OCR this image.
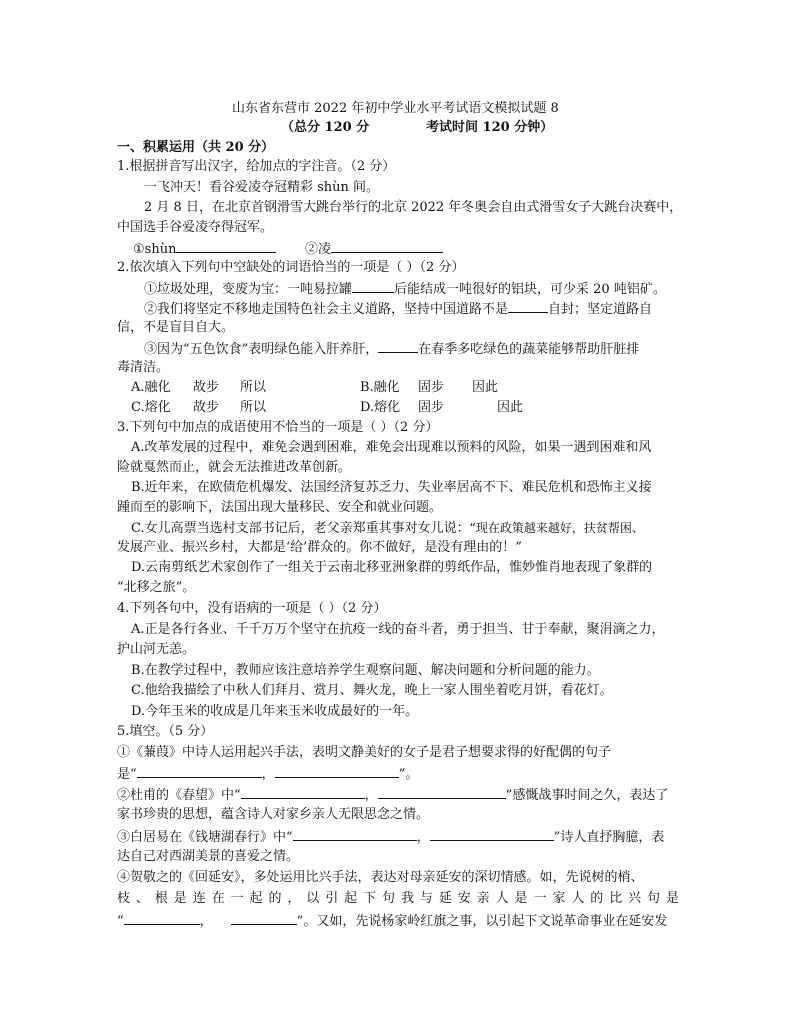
山东省东营市 2022 年初中学业水平考试语文模拟试题 8
（总分 120 分	考试时间 120 分钟）
一、积累运用（共 20 分）
1.根据拼音写出汉字，给加点的字注音。（2 分）
一飞冲天！看谷爱凌夺冠精彩 shùn 间。
2 月 8 日，在北京首钢滑雪大跳台举行的北京 2022 年冬奥会自由式滑雪女子大跳台决赛中，
中国选手谷爱凌夺得冠军。
①shùn	②凌
2.依次填入下列句中空缺处的词语恰当的一项是（ ）（2 分）
①垃圾处理，变废为宝：一吨易拉罐	后能结成一吨很好的铝块，可少采 20 吨铝矿。
②我们将坚定不移地走国特色社会主义道路，坚持中国道路不是	自封；坚定道路自
信，不是盲目自大。
③因为“五色饮食”表明绿色能入肝养肝，	在春季多吃绿色的蔬菜能够帮助肝脏排
毒清洁。
A.融化 故步 所以	B.融化 固步 因此
C.熔化 故步 所以	D.熔化 固步	因此
3.下列句中加点的成语使用不恰当的一项是（ ）（2 分）
A.改革发展的过程中，难免会遇到困难，难免会出现难以预料的风险，如果一遇到困难和风
险就戛然而止，就会无法推进改革创新。
B.近年来，在欧债危机爆发、法国经济复苏乏力、失业率居高不下、难民危机和恐怖主义接
踵而至的影响下，法国出现大量移民、安全和就业问题。
C.女儿高票当选村支部书记后，老父亲郑重其事对女儿说：“现在政策越来越好，扶贫帮困、
发展产业、振兴乡村，大都是‘给’群众的。你不做好，是没有理由的！”
D.云南剪纸艺术家创作了一组关于云南北移亚洲象群的剪纸作品，惟妙惟肖地表现了象群的
“北移之旅”。
4.下列各句中，没有语病的一项是（ ）（2 分）
A.正是各行各业、千千万万个坚守在抗疫一线的奋斗者，勇于担当、甘于奉献，聚涓滴之力，
护山河无恙。
B.在教学过程中，教师应该注意培养学生观察问题、解决问题和分析问题的能力。
C.他给我描绘了中秋人们拜月、赏月、舞火龙，晚上一家人围坐着吃月饼，看花灯。
D.今年玉米的收成是几年来玉米收成最好的一年。
5.填空。（5 分）
①《蒹葭》中诗人运用起兴手法，表明文静美好的女子是君子想要求得的好配偶的句子
是“	，	”。
②杜甫的《春望》中“	，	”感慨战事时间之久，表达了
家书珍贵的思想，蕴含诗人对家乡亲人无限思念之情。
③白居易在《钱塘湖春行》中“	，	”诗人直抒胸臆，表
达自己对西湖美景的喜爱之情。
④贺敬之的《回延安》，多处运用比兴手法，表达对母亲延安的深切情感。如，先说树的梢、
枝、根是连在一起的，以引起下句我与延安亲人是一家人的比兴句是
“	，	”。又如，先说杨家岭红旗之事，以引起下文说革命事业在延安发
